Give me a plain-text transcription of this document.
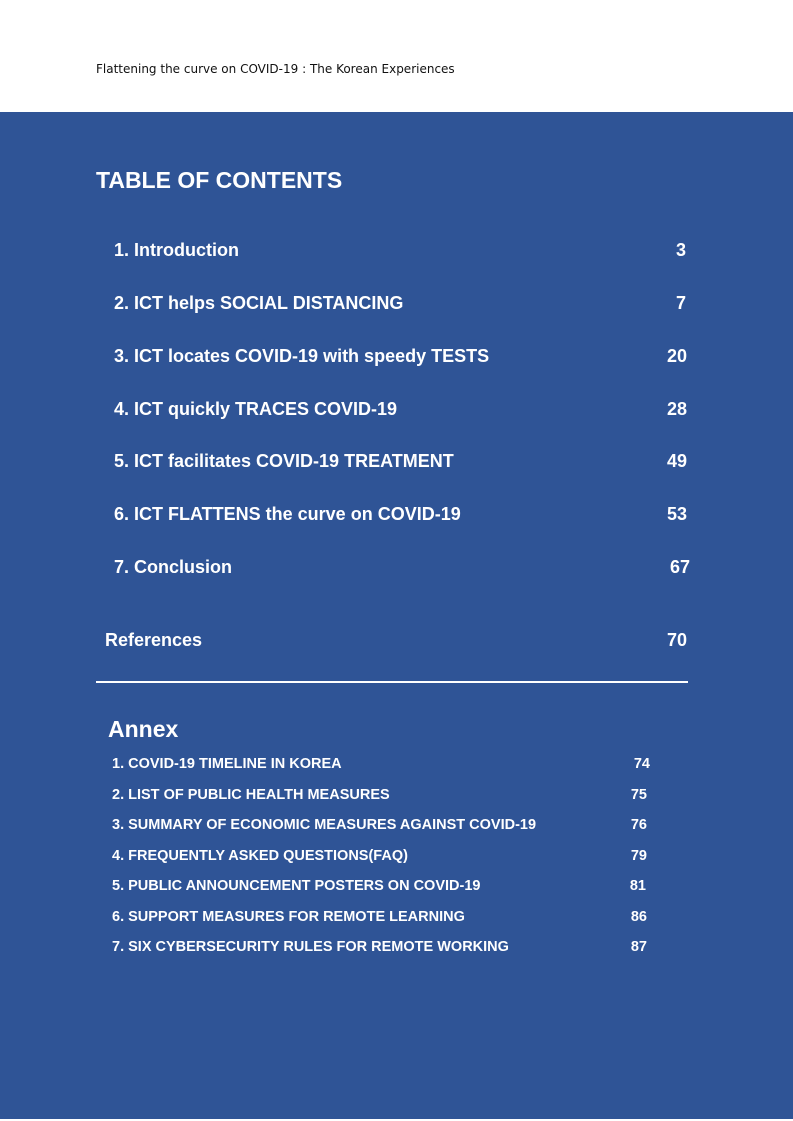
Flattening the curve on COVID-19 : The Korean Experiences
TABLE OF CONTENTS
1. Introduction	3
2. ICT helps SOCIAL DISTANCING	7
3. ICT locates COVID-19 with speedy TESTS	20
4. ICT quickly TRACES COVID-19	28
5. ICT facilitates COVID-19 TREATMENT	49
6. ICT FLATTENS the curve on COVID-19	53
7. Conclusion	67
References	70
Annex
1. COVID-19 TIMELINE IN KOREA	74
2. LIST OF PUBLIC HEALTH MEASURES	75
3. SUMMARY OF ECONOMIC MEASURES AGAINST COVID-19	76
4. FREQUENTLY ASKED QUESTIONS(FAQ)	79
5. PUBLIC ANNOUNCEMENT POSTERS ON COVID-19	81
6. SUPPORT MEASURES FOR REMOTE LEARNING	86
7. SIX CYBERSECURITY RULES FOR REMOTE WORKING	87
